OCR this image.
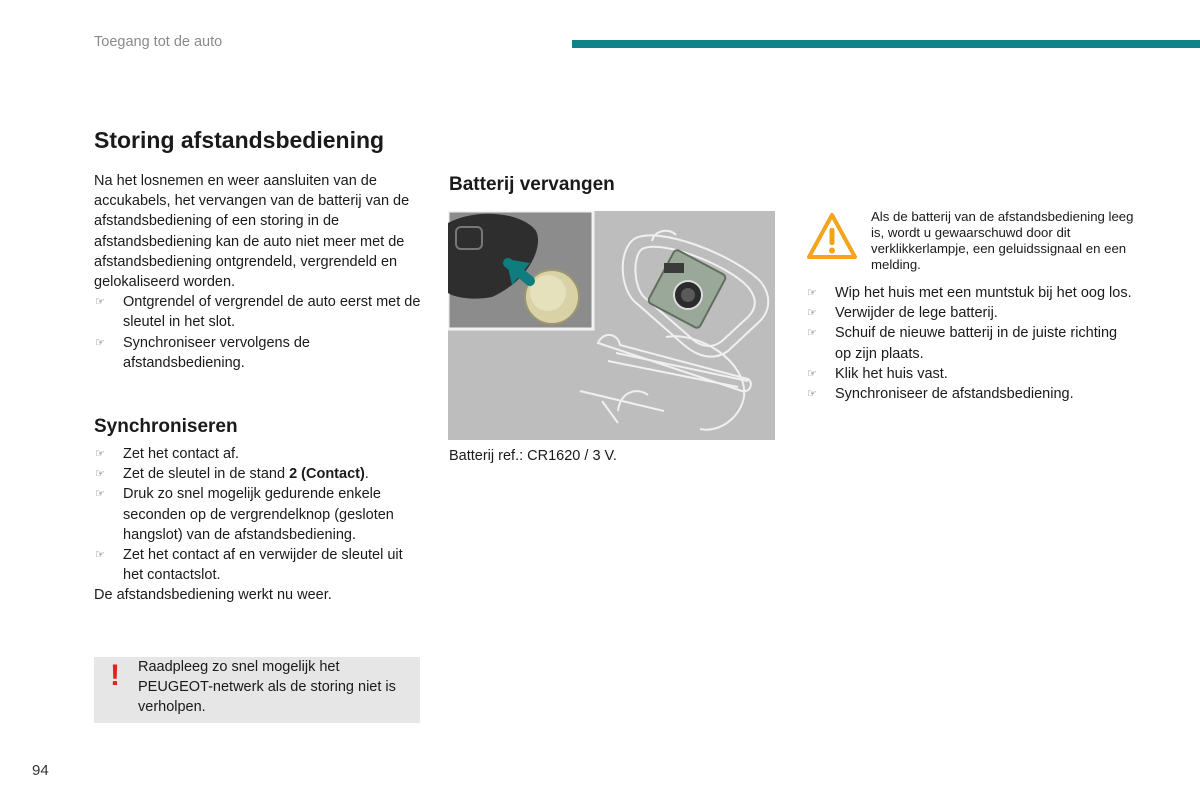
Toegang tot de auto
Storing afstandsbediening

Na het losnemen en weer aansluiten van de accukabels, het vervangen van de batterij van de afstandsbediening of een storing in de afstandsbediening kan de auto niet meer met de afstandsbediening ontgrendeld, vergrendeld en gelokaliseerd worden.

☞ Ontgrendel of vergrendel de auto eerst met de sleutel in het slot.
☞ Synchroniseer vervolgens de afstandsbediening.
Synchroniseren
☞ Zet het contact af.
☞ Zet de sleutel in de stand 2 (Contact).
☞ Druk zo snel mogelijk gedurende enkele seconden op de vergrendelknop (gesloten hangslot) van de afstandsbediening.
☞ Zet het contact af en verwijder de sleutel uit het contactslot.

De afstandsbediening werkt nu weer.

! Raadpleeg zo snel mogelijk het PEUGEOT-netwerk als de storing niet is verholpen.

Batterij vervangen
Batterij ref.: CR1620 / 3 V.

Als de batterij van de afstandsbediening leeg is, wordt u gewaarschuwd door dit verklikkerlampje, een geluidssignaal en een melding.

☞ Wip het huis met een muntstuk bij het oog los.
☞ Verwijder de lege batterij.
☞ Schuif de nieuwe batterij in de juiste richting op zijn plaats.
☞ Klik het huis vast.
☞ Synchroniseer de afstandsbediening.
94
